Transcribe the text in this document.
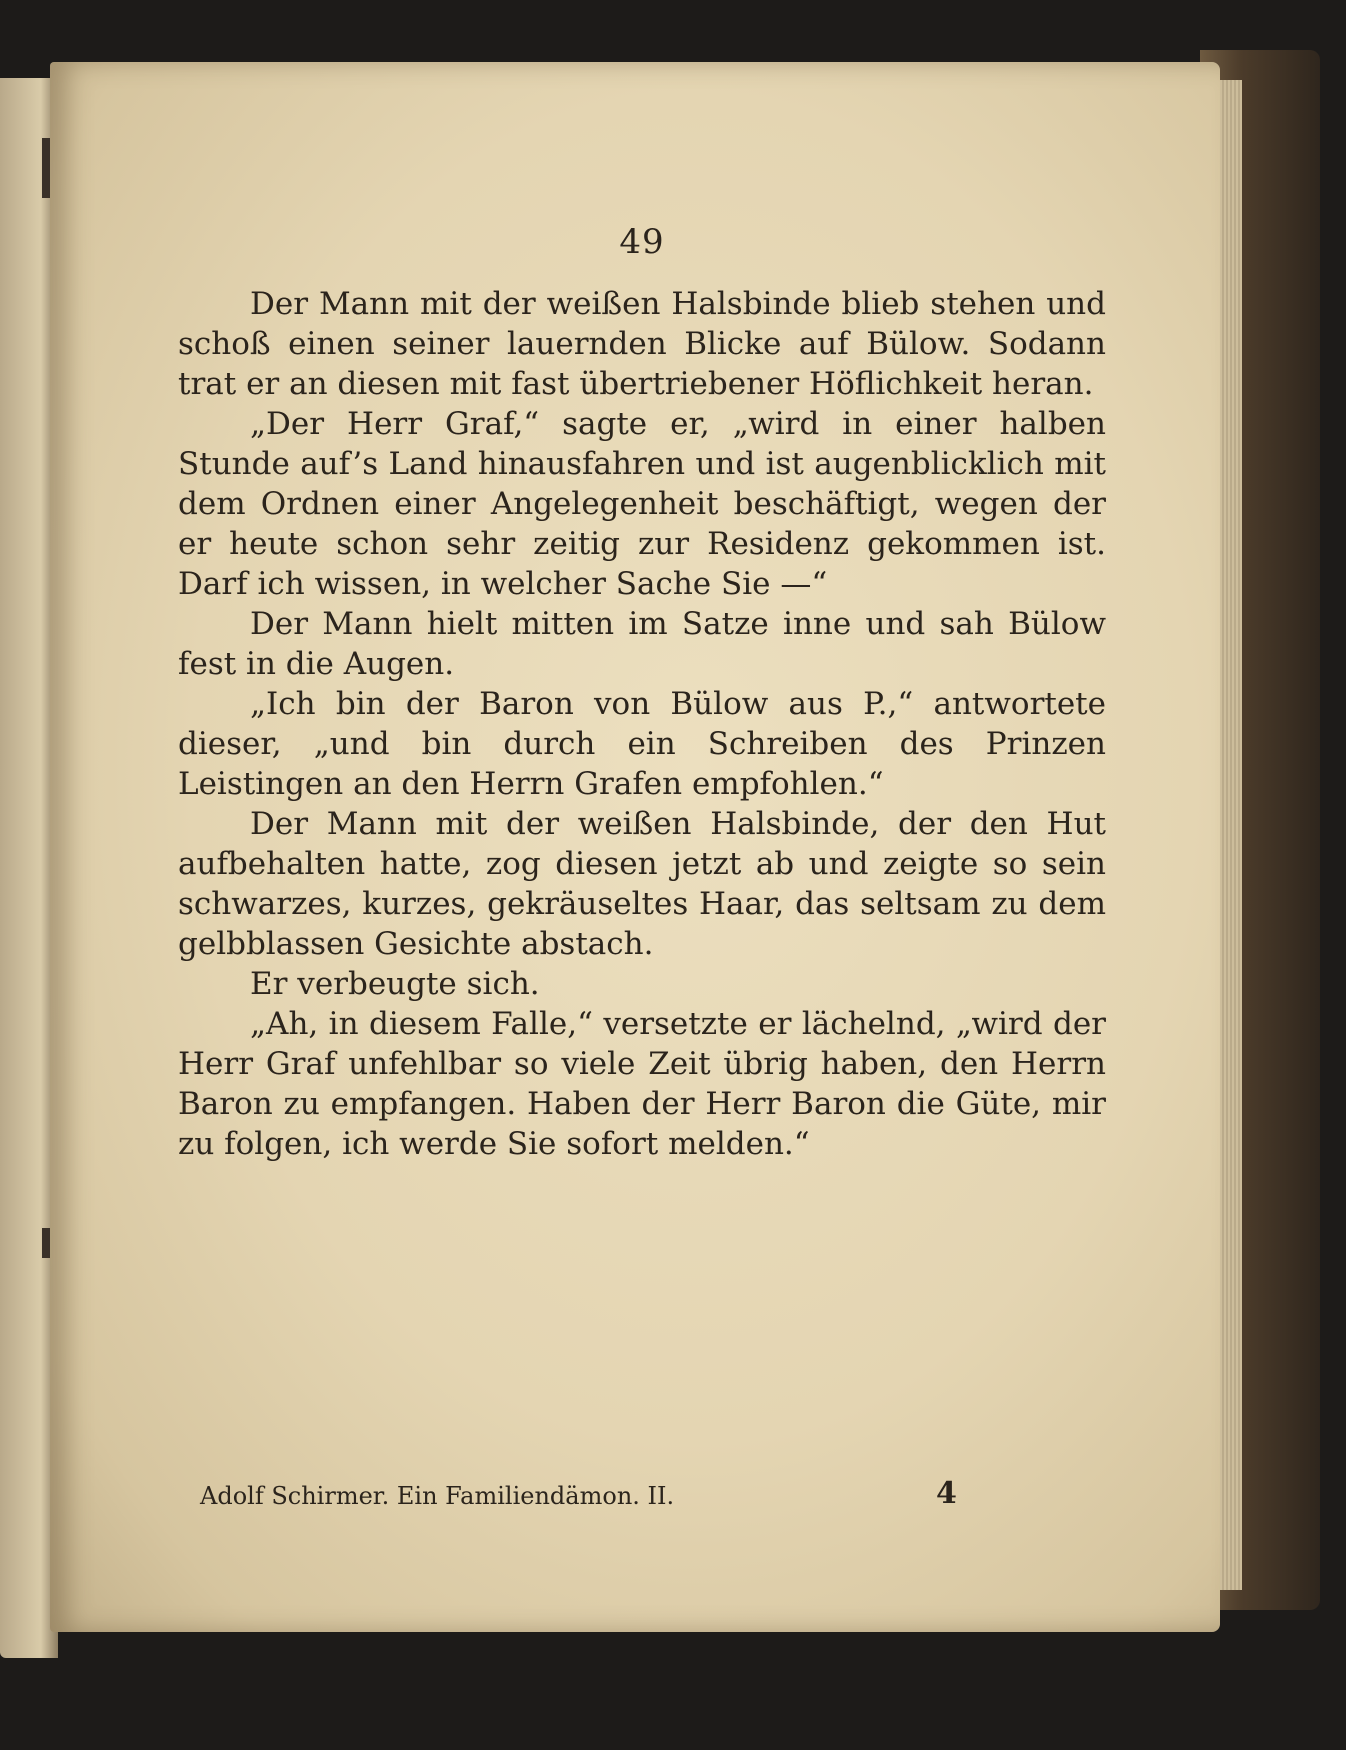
49

Der Mann mit der weißen Halsbinde blieb stehen und schoß einen seiner lauernden Blicke auf Bülow. Sodann trat er an diesen mit fast übertriebener Höflichkeit heran.

„Der Herr Graf,“ sagte er, „wird in einer halben Stunde auf’s Land hinausfahren und ist augenblicklich mit dem Ordnen einer Angelegenheit beschäftigt, wegen der er heute schon sehr zeitig zur Residenz gekommen ist. Darf ich wissen, in welcher Sache Sie —“

Der Mann hielt mitten im Satze inne und sah Bülow fest in die Augen.

„Ich bin der Baron von Bülow aus P.,“ antwortete dieser, „und bin durch ein Schreiben des Prinzen Leistingen an den Herrn Grafen empfohlen.“

Der Mann mit der weißen Halsbinde, der den Hut aufbehalten hatte, zog diesen jetzt ab und zeigte so sein schwarzes, kurzes, gekräuseltes Haar, das seltsam zu dem gelbblassen Gesichte abstach.

Er verbeugte sich.

„Ah, in diesem Falle,“ versetzte er lächelnd, „wird der Herr Graf unfehlbar so viele Zeit übrig haben, den Herrn Baron zu empfangen. Haben der Herr Baron die Güte, mir zu folgen, ich werde Sie sofort melden.“

Adolf Schirmer. Ein Familiendämon. II.	4
